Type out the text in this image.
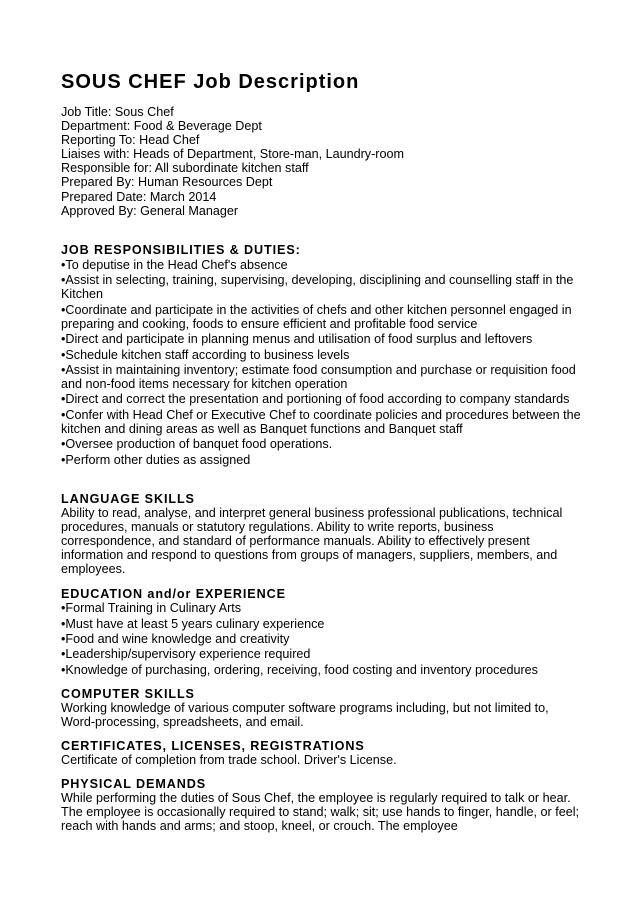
SOUS CHEF Job Description
Job Title: Sous Chef
Department: Food & Beverage Dept
Reporting To: Head Chef
Liaises with: Heads of Department, Store-man, Laundry-room
Responsible for: All subordinate kitchen staff
Prepared By: Human Resources Dept
Prepared Date: March 2014
Approved By: General Manager
JOB RESPONSIBILITIES & DUTIES:
•To deputise in the Head Chef's absence
•Assist in selecting, training, supervising, developing, disciplining and counselling staff in the Kitchen
•Coordinate and participate in the activities of chefs and other kitchen personnel engaged in preparing and cooking, foods to ensure efficient and profitable food service
•Direct and participate in planning menus and utilisation of food surplus and leftovers
•Schedule kitchen staff according to business levels
•Assist in maintaining inventory; estimate food consumption and purchase or requisition food and non-food items necessary for kitchen operation
•Direct and correct the presentation and portioning of food according to company standards
•Confer with Head Chef or Executive Chef to coordinate policies and procedures between the kitchen and dining areas as well as Banquet functions and Banquet staff
•Oversee production of banquet food operations.
•Perform other duties as assigned
LANGUAGE SKILLS
Ability to read, analyse, and interpret general business professional publications, technical procedures, manuals or statutory regulations. Ability to write reports, business correspondence, and standard of performance manuals. Ability to effectively present information and respond to questions from groups of managers, suppliers, members, and employees.
EDUCATION and/or EXPERIENCE
•Formal Training in Culinary Arts
•Must have at least 5 years culinary experience
•Food and wine knowledge and creativity
•Leadership/supervisory experience required
•Knowledge of purchasing, ordering, receiving, food costing and inventory procedures
COMPUTER SKILLS
Working knowledge of various computer software programs including, but not limited to, Word-processing, spreadsheets, and email.
CERTIFICATES, LICENSES, REGISTRATIONS
Certificate of completion from trade school. Driver's License.
PHYSICAL DEMANDS
While performing the duties of Sous Chef, the employee is regularly required to talk or hear. The employee is occasionally required to stand; walk; sit; use hands to finger, handle, or feel; reach with hands and arms; and stoop, kneel, or crouch. The employee
